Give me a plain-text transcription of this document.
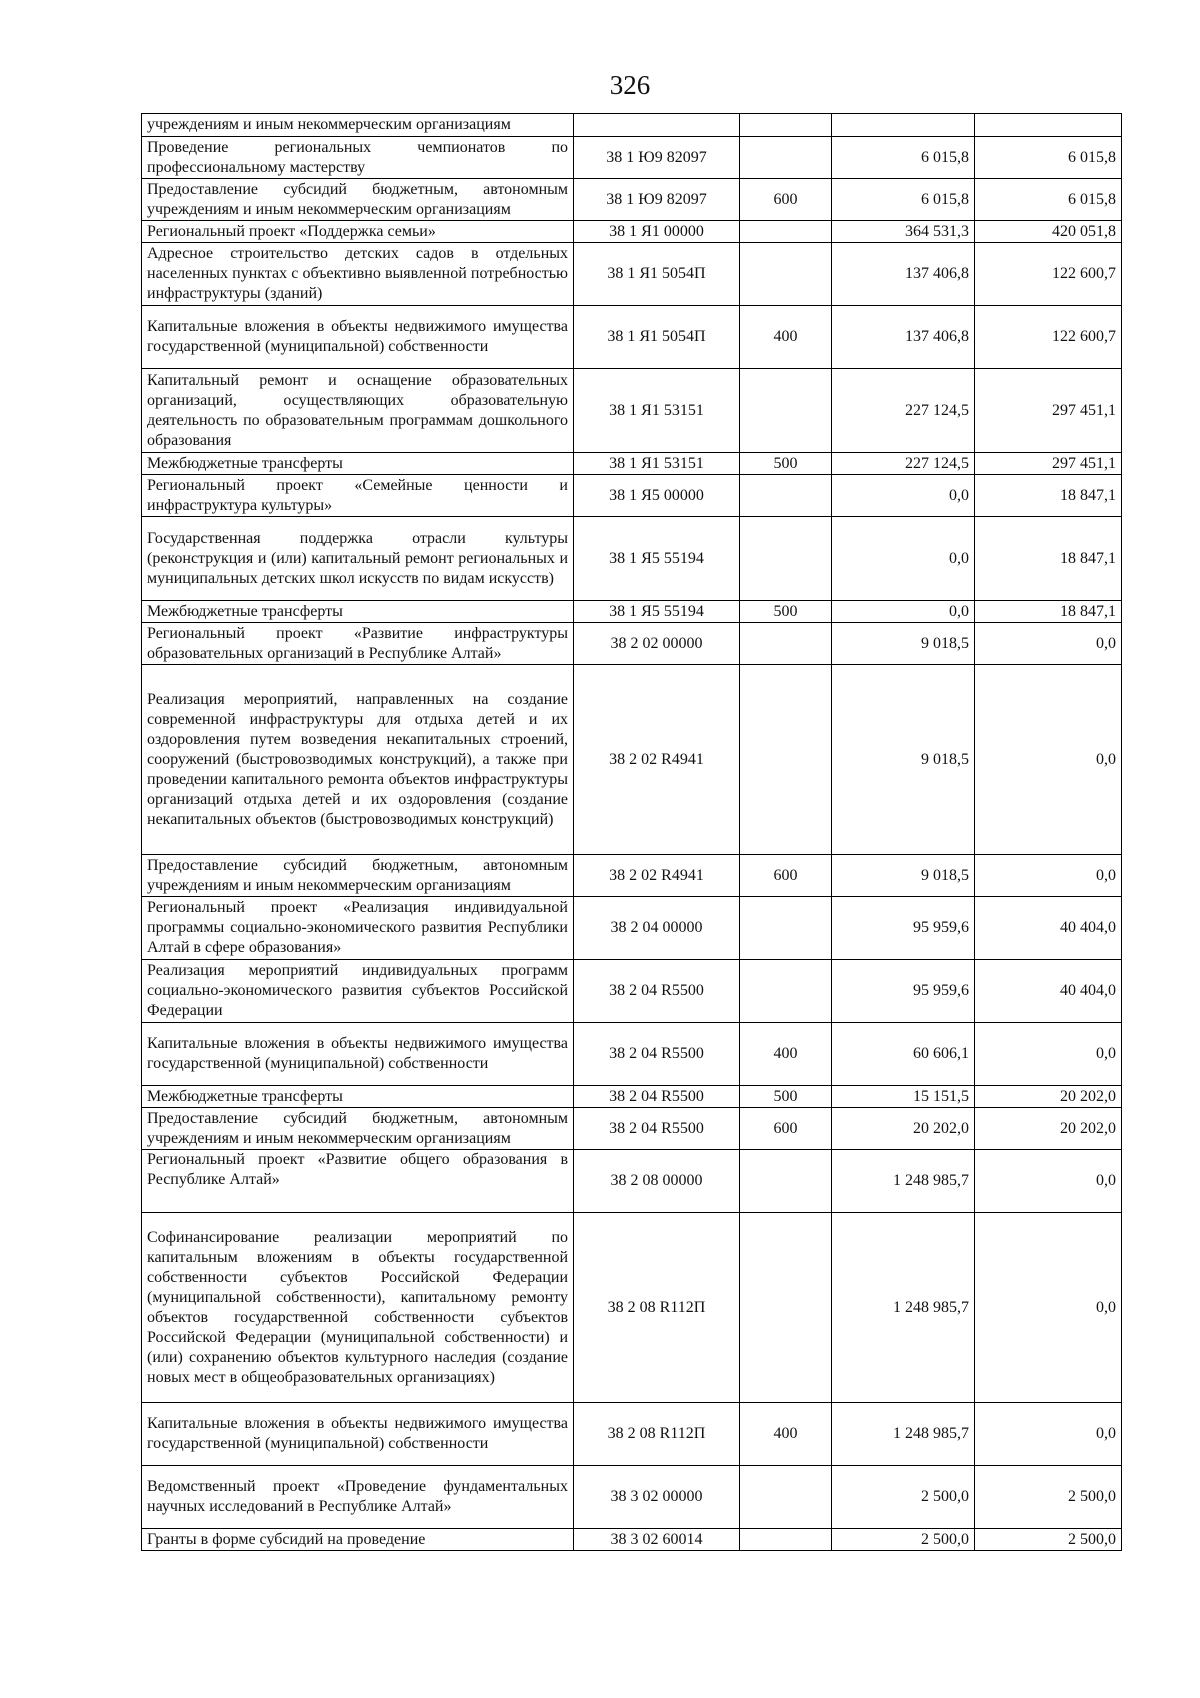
326
учреждениям и иным некоммерческим организациям				
Проведение региональных чемпионатов по профессиональному мастерству	38 1 Ю9 82097		6 015,8	6 015,8
Предоставление субсидий бюджетным, автономным учреждениям и иным некоммерческим организациям	38 1 Ю9 82097	600	6 015,8	6 015,8
Региональный проект «Поддержка семьи»	38 1 Я1 00000		364 531,3	420 051,8
Адресное строительство детских садов в отдельных населенных пунктах с объективно выявленной потребностью инфраструктуры (зданий)	38 1 Я1 5054П		137 406,8	122 600,7
Капитальные вложения в объекты недвижимого имущества государственной (муниципальной) собственности	38 1 Я1 5054П	400	137 406,8	122 600,7
Капитальный ремонт и оснащение образовательных организаций, осуществляющих образовательную деятельность по образовательным программам дошкольного образования	38 1 Я1 53151		227 124,5	297 451,1
Межбюджетные трансферты	38 1 Я1 53151	500	227 124,5	297 451,1
Региональный проект «Семейные ценности и инфраструктура культуры»	38 1 Я5 00000		0,0	18 847,1
Государственная поддержка отрасли культуры (реконструкция и (или) капитальный ремонт региональных и муниципальных детских школ искусств по видам искусств)	38 1 Я5 55194		0,0	18 847,1
Межбюджетные трансферты	38 1 Я5 55194	500	0,0	18 847,1
Региональный проект «Развитие инфраструктуры образовательных организаций в Республике Алтай»	38 2 02 00000		9 018,5	0,0
Реализация мероприятий, направленных на создание современной инфраструктуры для отдыха детей и их оздоровления путем возведения некапитальных строений, сооружений (быстровозводимых конструкций), а также при проведении капитального ремонта объектов инфраструктуры организаций отдыха детей и их оздоровления (создание некапитальных объектов (быстровозводимых конструкций)	38 2 02 R4941		9 018,5	0,0
Предоставление субсидий бюджетным, автономным учреждениям и иным некоммерческим организациям	38 2 02 R4941	600	9 018,5	0,0
Региональный проект «Реализация индивидуальной программы социально-экономического развития Республики Алтай в сфере образования»	38 2 04 00000		95 959,6	40 404,0
Реализация мероприятий индивидуальных программ социально-экономического развития субъектов Российской Федерации	38 2 04 R5500		95 959,6	40 404,0
Капитальные вложения в объекты недвижимого имущества государственной (муниципальной) собственности	38 2 04 R5500	400	60 606,1	0,0
Межбюджетные трансферты	38 2 04 R5500	500	15 151,5	20 202,0
Предоставление субсидий бюджетным, автономным учреждениям и иным некоммерческим организациям	38 2 04 R5500	600	20 202,0	20 202,0
Региональный проект «Развитие общего образования в Республике Алтай»	38 2 08 00000		1 248 985,7	0,0
Софинансирование реализации мероприятий по капитальным вложениям в объекты государственной собственности субъектов Российской Федерации (муниципальной собственности), капитальному ремонту объектов государственной собственности субъектов Российской Федерации (муниципальной собственности) и (или) сохранению объектов культурного наследия (создание новых мест в общеобразовательных организациях)	38 2 08 R112П		1 248 985,7	0,0
Капитальные вложения в объекты недвижимого имущества государственной (муниципальной) собственности	38 2 08 R112П	400	1 248 985,7	0,0
Ведомственный проект «Проведение фундаментальных научных исследований в Республике Алтай»	38 3 02 00000		2 500,0	2 500,0
Гранты в форме субсидий на проведение	38 3 02 60014		2 500,0	2 500,0
